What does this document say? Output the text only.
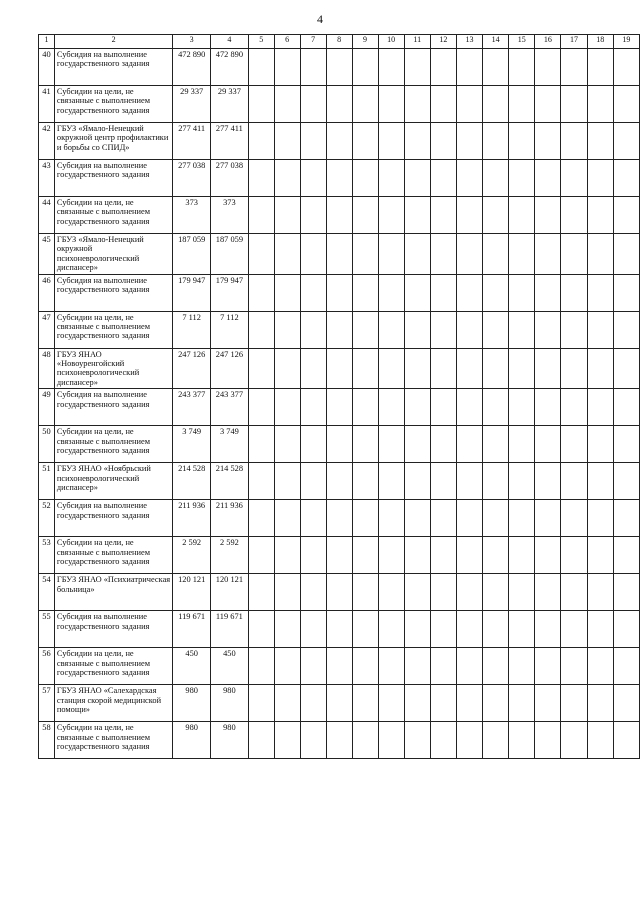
4
1	2	3	4	5	6	7	8	9	10	11	12	13	14	15	16	17	18	19
40	Субсидия на выполнение государственного задания	472 890	472 890															
41	Субсидии на цели, не связанные с выполнением государственного задания	29 337	29 337															
42	ГБУЗ «Ямало-Ненецкий окружной центр профилактики и борьбы со СПИД»	277 411	277 411															
43	Субсидия на выполнение государственного задания	277 038	277 038															
44	Субсидии на цели, не связанные с выполнением государственного задания	373	373															
45	ГБУЗ «Ямало-Ненецкий окружной психоневрологический диспансер»	187 059	187 059															
46	Субсидия на выполнение государственного задания	179 947	179 947															
47	Субсидии на цели, не связанные с выполнением государственного задания	7 112	7 112															
48	ГБУЗ ЯНАО «Новоуренгойский психоневрологический диспансер»	247 126	247 126															
49	Субсидия на выполнение государственного задания	243 377	243 377															
50	Субсидии на цели, не связанные с выполнением государственного задания	3 749	3 749															
51	ГБУЗ ЯНАО «Ноябрьский психоневрологический диспансер»	214 528	214 528															
52	Субсидия на выполнение государственного задания	211 936	211 936															
53	Субсидии на цели, не связанные с выполнением государственного задания	2 592	2 592															
54	ГБУЗ ЯНАО «Психиатрическая больница»	120 121	120 121															
55	Субсидия на выполнение государственного задания	119 671	119 671															
56	Субсидии на цели, не связанные с выполнением государственного задания	450	450															
57	ГБУЗ ЯНАО «Салехардская станция скорой медицинской помощи»	980	980															
58	Субсидии на цели, не связанные с выполнением государственного задания	980	980															
